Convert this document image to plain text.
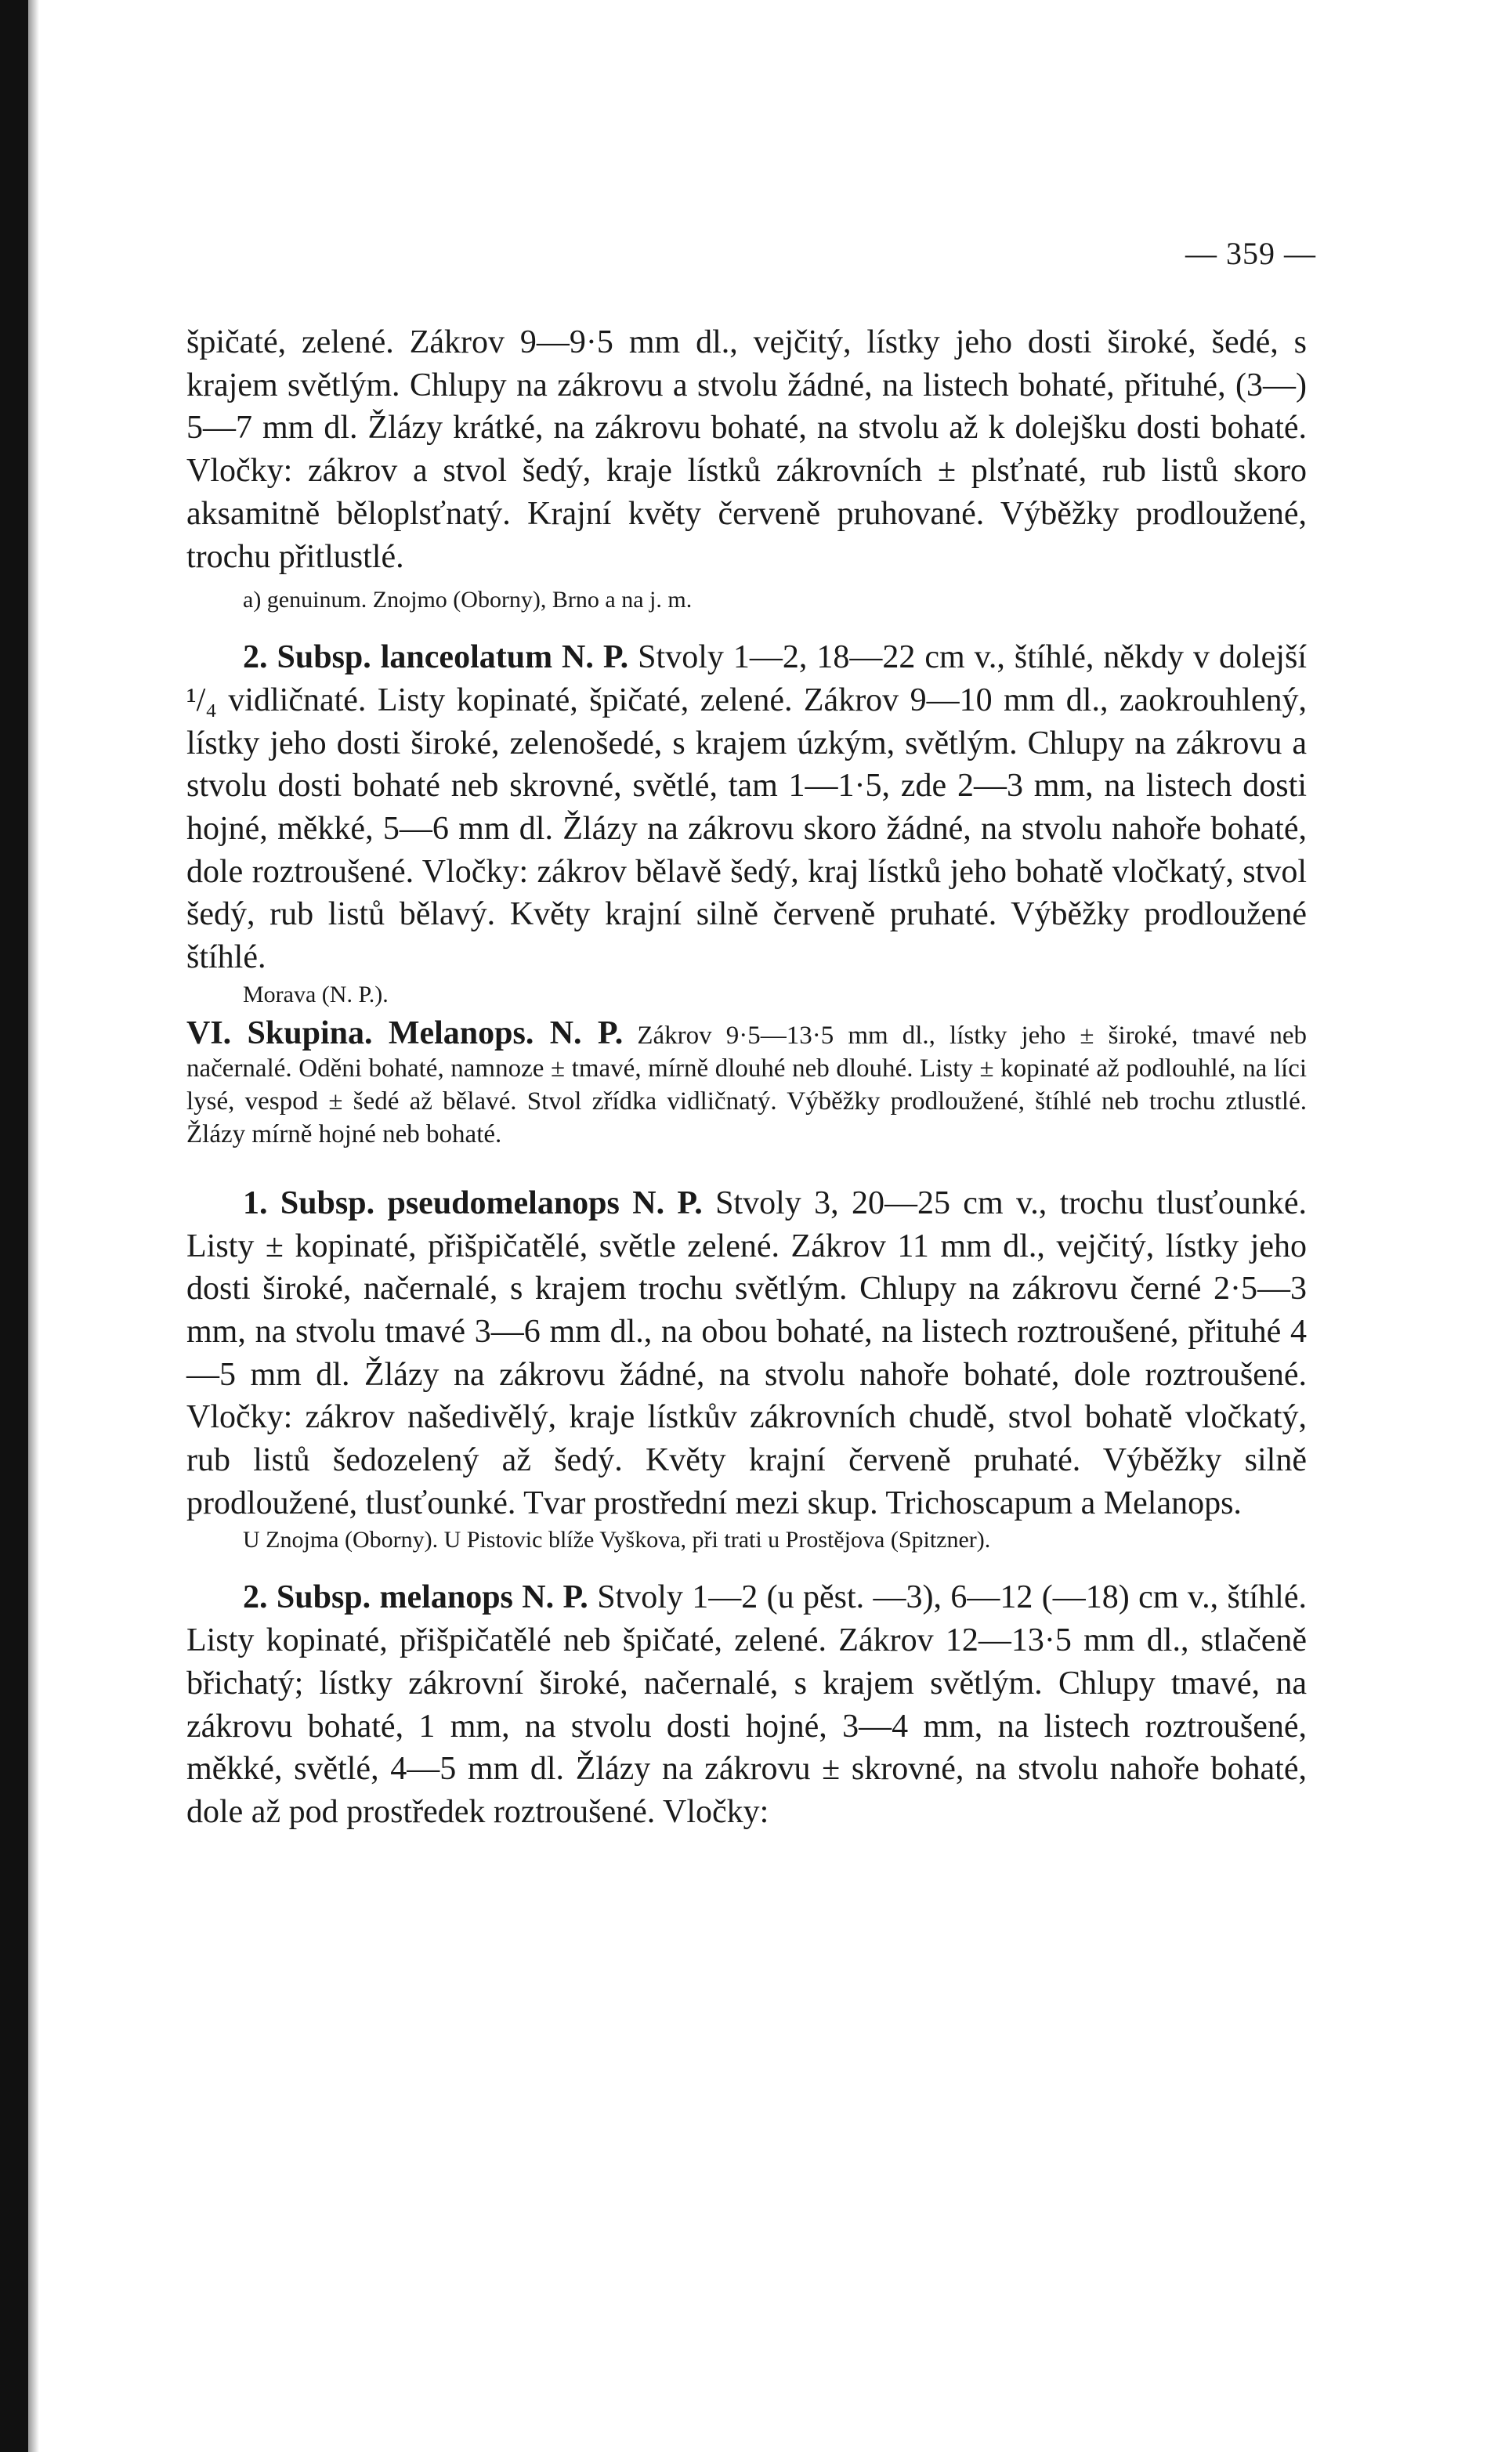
— 359 —

špičaté, zelené. Zákrov 9—9·5 mm dl., vejčitý, lístky jeho dosti široké, šedé, s krajem světlým. Chlupy na zákrovu a stvolu žádné, na listech bohaté, přituhé, (3—) 5—7 mm dl. Žlázy krátké, na zákrovu bohaté, na stvolu až k dolejšku dosti bohaté. Vločky: zákrov a stvol šedý, kraje lístků zákrovních ± plsťnaté, rub listů skoro aksamitně běloplsťnatý. Krajní květy červeně pruhované. Výběžky prodloužené, trochu přitlustlé.

a) genuinum. Znojmo (Oborny), Brno a na j. m.

2. Subsp. lanceolatum N. P. Stvoly 1—2, 18—22 cm v., štíhlé, někdy v dolejší ¹/₄ vidličnaté. Listy kopinaté, špičaté, zelené. Zákrov 9—10 mm dl., zaokrouhlený, lístky jeho dosti široké, zelenošedé, s krajem úzkým, světlým. Chlupy na zákrovu a stvolu dosti bohaté neb skrovné, světlé, tam 1—1·5, zde 2—3 mm, na listech dosti hojné, měkké, 5—6 mm dl. Žlázy na zákrovu skoro žádné, na stvolu nahoře bohaté, dole roztroušené. Vločky: zákrov bělavě šedý, kraj lístků jeho bohatě vločkatý, stvol šedý, rub listů bělavý. Květy krajní silně červeně pruhaté. Výběžky prodloužené štíhlé.

Morava (N. P.).

VI. Skupina. Melanops. N. P. Zákrov 9·5—13·5 mm dl., lístky jeho ± široké, tmavé neb načernalé. Oděni bohaté, namnoze ± tmavé, mírně dlouhé neb dlouhé. Listy ± kopinaté až podlouhlé, na líci lysé, vespod ± šedé až bělavé. Stvol zřídka vidličnatý. Výběžky prodloužené, štíhlé neb trochu ztlustlé. Žlázy mírně hojné neb bohaté.

1. Subsp. pseudomelanops N. P. Stvoly 3, 20—25 cm v., trochu tlusťounké. Listy ± kopinaté, přišpičatělé, světle zelené. Zákrov 11 mm dl., vejčitý, lístky jeho dosti široké, načernalé, s krajem trochu světlým. Chlupy na zákrovu černé 2·5—3 mm, na stvolu tmavé 3—6 mm dl., na obou bohaté, na listech roztroušené, přituhé 4—5 mm dl. Žlázy na zákrovu žádné, na stvolu nahoře bohaté, dole roztroušené. Vločky: zákrov našedivělý, kraje lístkův zákrovních chudě, stvol bohatě vločkatý, rub listů šedozelený až šedý. Květy krajní červeně pruhaté. Výběžky silně prodloužené, tlusťounké. Tvar prostřední mezi skup. Trichoscapum a Melanops.

U Znojma (Oborny). U Pistovic blíže Vyškova, při trati u Prostějova (Spitzner).

2. Subsp. melanops N. P. Stvoly 1—2 (u pěst. —3), 6—12 (—18) cm v., štíhlé. Listy kopinaté, přišpičatělé neb špičaté, zelené. Zákrov 12—13·5 mm dl., stlačeně břichatý; lístky zákrovní široké, načernalé, s krajem světlým. Chlupy tmavé, na zákrovu bohaté, 1 mm, na stvolu dosti hojné, 3—4 mm, na listech roztroušené, měkké, světlé, 4—5 mm dl. Žlázy na zákrovu ± skrovné, na stvolu nahoře bohaté, dole až pod prostředek roztroušené. Vločky:
